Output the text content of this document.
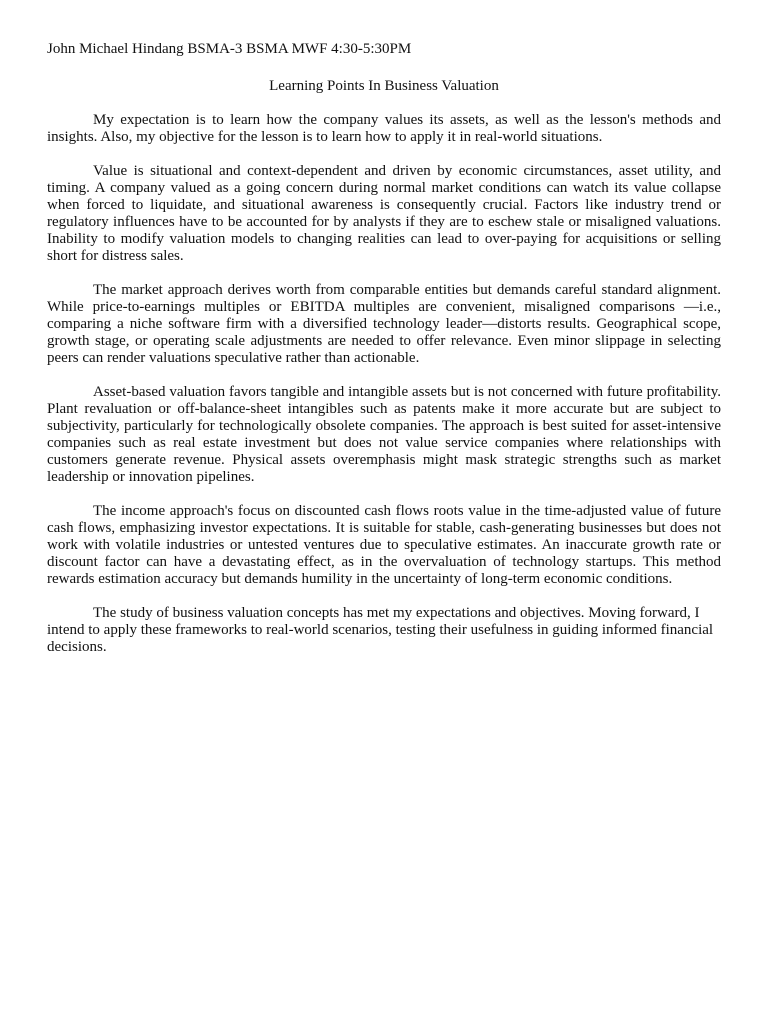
John Michael Hindang BSMA-3 BSMA MWF 4:30-5:30PM

Learning Points In Business Valuation

My expectation is to learn how the company values its assets, as well as the lesson's methods and insights. Also, my objective for the lesson is to learn how to apply it in real-world situations.

Value is situational and context-dependent and driven by economic circumstances, asset utility, and timing. A company valued as a going concern during normal market conditions can watch its value collapse when forced to liquidate, and situational awareness is consequently crucial. Factors like industry trend or regulatory influences have to be accounted for by analysts if they are to eschew stale or misaligned valuations. Inability to modify valuation models to changing realities can lead to over-paying for acquisitions or selling short for distress sales.

The market approach derives worth from comparable entities but demands careful standard alignment. While price-to-earnings multiples or EBITDA multiples are convenient, misaligned comparisons —i.e., comparing a niche software firm with a diversified technology leader—distorts results. Geographical scope, growth stage, or operating scale adjustments are needed to offer relevance. Even minor slippage in selecting peers can render valuations speculative rather than actionable.

Asset-based valuation favors tangible and intangible assets but is not concerned with future profitability. Plant revaluation or off-balance-sheet intangibles such as patents make it more accurate but are subject to subjectivity, particularly for technologically obsolete companies. The approach is best suited for asset-intensive companies such as real estate investment but does not value service companies where relationships with customers generate revenue. Physical assets overemphasis might mask strategic strengths such as market leadership or innovation pipelines.

The income approach's focus on discounted cash flows roots value in the time-adjusted value of future cash flows, emphasizing investor expectations. It is suitable for stable, cash-generating businesses but does not work with volatile industries or untested ventures due to speculative estimates. An inaccurate growth rate or discount factor can have a devastating effect, as in the overvaluation of technology startups. This method rewards estimation accuracy but demands humility in the uncertainty of long-term economic conditions.

The study of business valuation concepts has met my expectations and objectives. Moving forward, I intend to apply these frameworks to real-world scenarios, testing their usefulness in guiding informed financial decisions.
